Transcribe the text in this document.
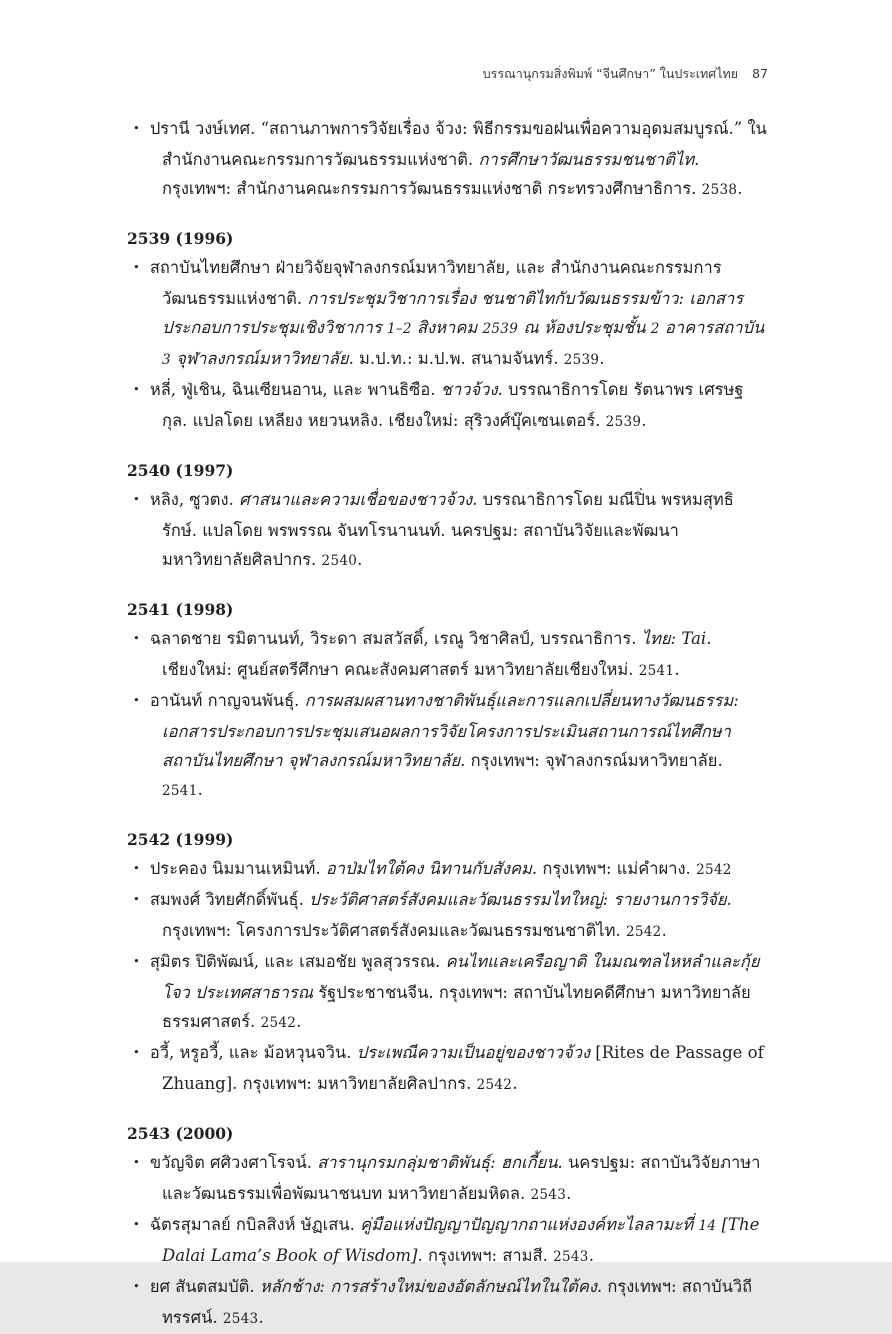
บรรณานุกรมสิ่งพิมพ์ “จีนศึกษา” ในประเทศไทย 87
• ปรานี วงษ์เทศ. “สถานภาพการวิจัยเรื่อง จ้วง: พิธีกรรมขอฝนเพื่อความอุดมสมบูรณ์.” ใน สำนักงานคณะกรรมการวัฒนธรรมแห่งชาติ. การศึกษาวัฒนธรรมชนชาติไท. กรุงเทพฯ: สำนักงานคณะกรรมการวัฒนธรรมแห่งชาติ กระทรวงศึกษาธิการ. 2538.
2539 (1996)
• สถาบันไทยศึกษา ฝ่ายวิจัยจุฬาลงกรณ์มหาวิทยาลัย, และ สำนักงานคณะกรรมการวัฒนธรรมแห่งชาติ. การประชุมวิชาการเรื่อง ชนชาติไทกับวัฒนธรรมข้าว: เอกสารประกอบการประชุมเชิงวิชาการ 1–2 สิงหาคม 2539 ณ ห้องประชุมชั้น 2 อาคารสถาบัน 3 จุฬาลงกรณ์มหาวิทยาลัย. ม.ป.ท.: ม.ป.พ. สนามจันทร์. 2539.
• หลี่, ฟู่เชิน, ฉินเซียนอาน, และ พานธิซือ. ชาวจ้วง. บรรณาธิการโดย รัตนาพร เศรษฐกุล. แปลโดย เหลียง หยวนหลิง. เชียงใหม่: สุริวงศ์บุ๊คเซนเตอร์. 2539.
2540 (1997)
• หลิง, ซูวตง. ศาสนาและความเชื่อของชาวจ้วง. บรรณาธิการโดย มณีปิ่น พรหมสุทธิรักษ์. แปลโดย พรพรรณ จันทโรนานนท์. นครปฐม: สถาบันวิจัยและพัฒนา มหาวิทยาลัยศิลปากร. 2540.
2541 (1998)
• ฉลาดชาย รมิตานนท์, วิระดา สมสวัสดิ์, เรณู วิชาศิลป์, บรรณาธิการ. ไทย: Tai. เชียงใหม่: ศูนย์สตรีศึกษา คณะสังคมศาสตร์ มหาวิทยาลัยเชียงใหม่. 2541.
• อานันท์ กาญจนพันธุ์. การผสมผสานทางชาติพันธุ์และการแลกเปลี่ยนทางวัฒนธรรม: เอกสารประกอบการประชุมเสนอผลการวิจัยโครงการประเมินสถานการณ์ไทศึกษา สถาบันไทยศึกษา จุฬาลงกรณ์มหาวิทยาลัย. กรุงเทพฯ: จุฬาลงกรณ์มหาวิทยาลัย. 2541.
2542 (1999)
• ประคอง นิมมานเหมินท์. อาป่มไทใต้คง นิทานกับสังคม. กรุงเทพฯ: แม่คำผาง. 2542
• สมพงศ์ วิทยศักดิ์พันธุ์. ประวัติศาสตร์สังคมและวัฒนธรรมไทใหญ่: รายงานการวิจัย. กรุงเทพฯ: โครงการประวัติศาสตร์สังคมและวัฒนธรรมชนชาติไท. 2542.
• สุมิตร ปิติพัฒน์, และ เสมอชัย พูลสุวรรณ. คนไทและเครือญาติ ในมณฑลไหหลำและกุ้ยโจว ประเทศสาธารณ รัฐประชาชนจีน. กรุงเทพฯ: สถาบันไทยคดีศึกษา มหาวิทยาลัยธรรมศาสตร์. 2542.
• อวี้, หรูอวี้, และ ม้อหวุนจวิน. ประเพณีความเป็นอยู่ของชาวจ้วง [Rites de Passage of Zhuang]. กรุงเทพฯ: มหาวิทยาลัยศิลปากร. 2542.
2543 (2000)
• ขวัญจิต ศศิวงศาโรจน์. สารานุกรมกลุ่มชาติพันธุ์: ฮกเกี้ยน. นครปฐม: สถาบันวิจัยภาษาและวัฒนธรรมเพื่อพัฒนาชนบท มหาวิทยาลัยมหิดล. 2543.
• ฉัตรสุมาลย์ กบิลสิงห์ ษัฏเสน. คู่มือแห่งปัญญาปัญญากถาแห่งองค์ทะไลลามะที่ 14 [The Dalai Lama’s Book of Wisdom]. กรุงเทพฯ: สามสี. 2543.
• ยศ สันตสมบัติ. หลักช้าง: การสร้างใหม่ของอัตลักษณ์ไทในใต้คง. กรุงเทพฯ: สถาบันวิถีทรรศน์. 2543.
